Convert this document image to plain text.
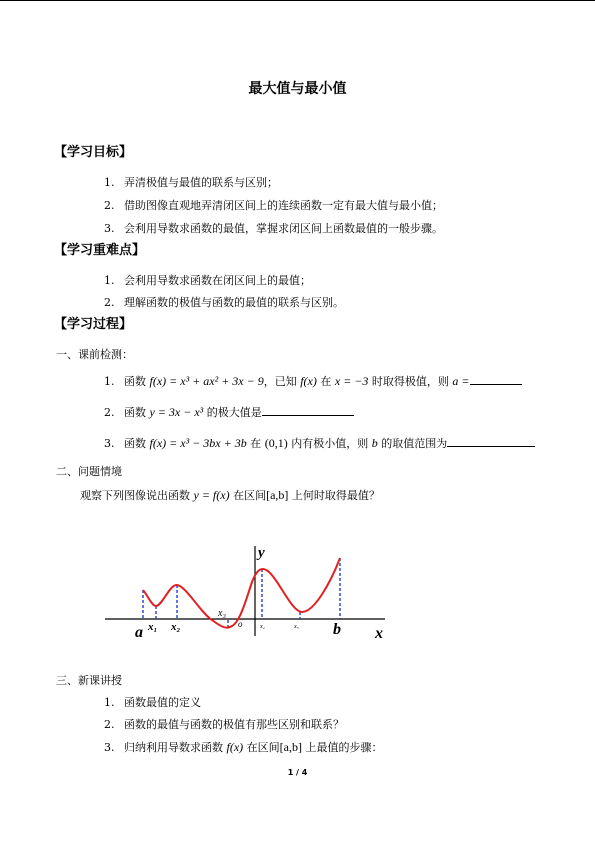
最大值与最小值
【学习目标】
1. 弄清极值与最值的联系与区别；
2. 借助图像直观地弄清闭区间上的连续函数一定有最大值与最小值；
3. 会利用导数求函数的最值，掌握求闭区间上函数最值的一般步骤。
【学习重难点】
1. 会利用导数求函数在闭区间上的最值；
2. 理解函数的极值与函数的最值的联系与区别。
【学习过程】
一、课前检测：
1. 函数 f(x) = x³ + ax² + 3x − 9，已知 f(x) 在 x = −3 时取得极值，则 a =
2. 函数 y = 3x − x³ 的极大值是
3. 函数 f(x) = x³ − 3bx + 3b 在 (0,1) 内有极小值，则 b 的取值范围为
二、问题情境
观察下列图像说出函数 y = f(x) 在区间[a,b] 上何时取得最值？
y
x
a	b
o
x₁ x₂
x₃
x₄	x₅
三、新课讲授
1. 函数最值的定义
2. 函数的最值与函数的极值有那些区别和联系？
3. 归纳利用导数求函数 f(x) 在区间[a,b] 上最值的步骤：
1 / 4
